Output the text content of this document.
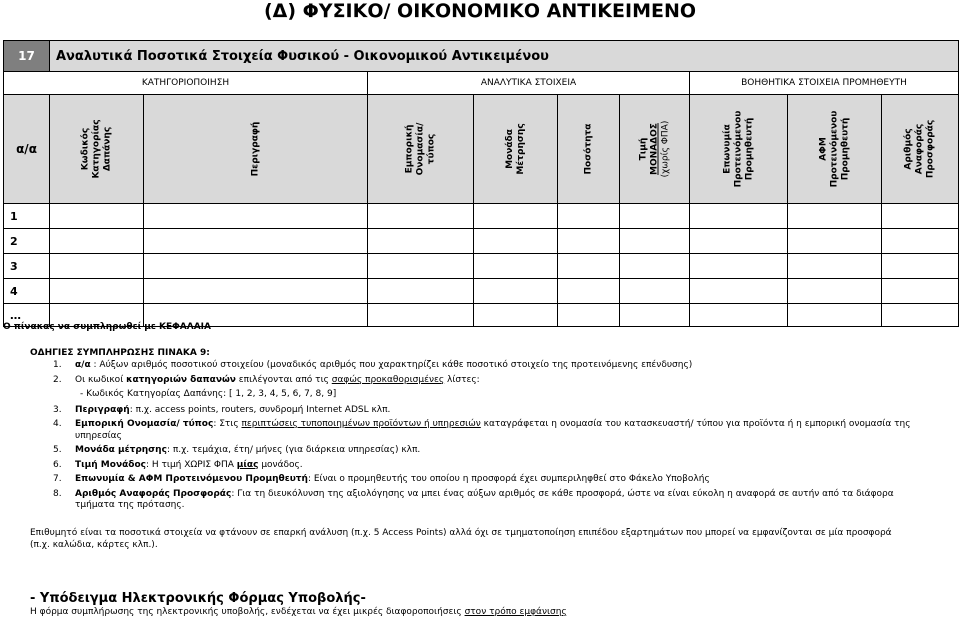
(Δ) ΦΥΣΙΚΟ/ ΟΙΚΟΝΟΜΙΚΟ ΑΝΤΙΚΕΙΜΕΝΟ
17	Αναλυτικά Ποσοτικά Στοιχεία Φυσικού - Οικονομικού Αντικειμένου								
ΚΑΤΗΓΟΡΙΟΠΟΙΗΣΗ			ΑΝΑΛΥΤΙΚΑ ΣΤΟΙΧΕΙΑ				ΒΟΗΘΗΤΙΚΑ ΣΤΟΙΧΕΙΑ ΠΡΟΜΗΘΕΥΤΗ		
α/α	Κωδικός
Κατηγορίας
Δαπάνης	Περιγραφή	Εμπορική
Ονομασία/
τύπος	Μονάδα
Μέτρησης	Ποσότητα	Τιμή
ΜΟΝΑΔΟΣ
(χωρίς ΦΠΑ)	Επωνυμία
Προτεινόμενου
Προμηθευτή	ΑΦΜ
Προτεινόμενου
Προμηθευτή	Αριθμός
Αναφοράς
Προσφοράς

1									
2									
3									
4									
…									
Ο πίνακας να συμπληρωθεί με ΚΕΦΑΛΑΙΑ
ΟΔΗΓΙΕΣ ΣΥΜΠΛΗΡΩΣΗΣ ΠΙΝΑΚΑ 9:
1.	α/α : Αύξων αριθμός ποσοτικού στοιχείου (μοναδικός αριθμός που χαρακτηρίζει κάθε ποσοτικό στοιχείο της προτεινόμενης επένδυσης)
2.	Οι κωδικοί κατηγοριών δαπανών επιλέγονται από τις σαφώς προκαθορισμένες λίστες:
- Κωδικός Κατηγορίας Δαπάνης: [ 1, 2, 3, 4, 5, 6, 7, 8, 9]
3.	Περιγραφή: π.χ. access points, routers, συνδρομή Internet ADSL κλπ.
4.	Εμπορική Ονομασία/ τύπος: Στις περιπτώσεις τυποποιημένων προϊόντων ή υπηρεσιών καταγράφεται η ονομασία του κατασκευαστή/ τύπου για προϊόντα ή η εμπορική ονομασία της υπηρεσίας
5.	Μονάδα μέτρησης: π.χ. τεμάχια, έτη/ μήνες (για διάρκεια υπηρεσίας) κλπ.
6.	Τιμή Μονάδος: Η τιμή ΧΩΡΙΣ ΦΠΑ μίας μονάδος.
7.	Επωνυμία & ΑΦΜ Προτεινόμενου Προμηθευτή: Είναι ο προμηθευτής του οποίου η προσφορά έχει συμπεριληφθεί στο Φάκελο Υποβολής
8.	Αριθμός Αναφοράς Προσφοράς: Για τη διευκόλυνση της αξιολόγησης να μπει ένας αύξων αριθμός σε κάθε προσφορά, ώστε να είναι εύκολη η αναφορά σε αυτήν από τα διάφορα τμήματα της πρότασης.
Επιθυμητό είναι τα ποσοτικά στοιχεία να φτάνουν σε επαρκή ανάλυση (π.χ. 5 Access Points) αλλά όχι σε τμηματοποίηση επιπέδου εξαρτημάτων που μπορεί να εμφανίζονται σε μία προσφορά (π.χ. καλώδια, κάρτες κλπ.).
- Υπόδειγμα Ηλεκτρονικής Φόρμας Υποβολής-
Η φόρμα συμπλήρωσης της ηλεκτρονικής υποβολής, ενδέχεται να έχει μικρές διαφοροποιήσεις στον τρόπο εμφάνισης
